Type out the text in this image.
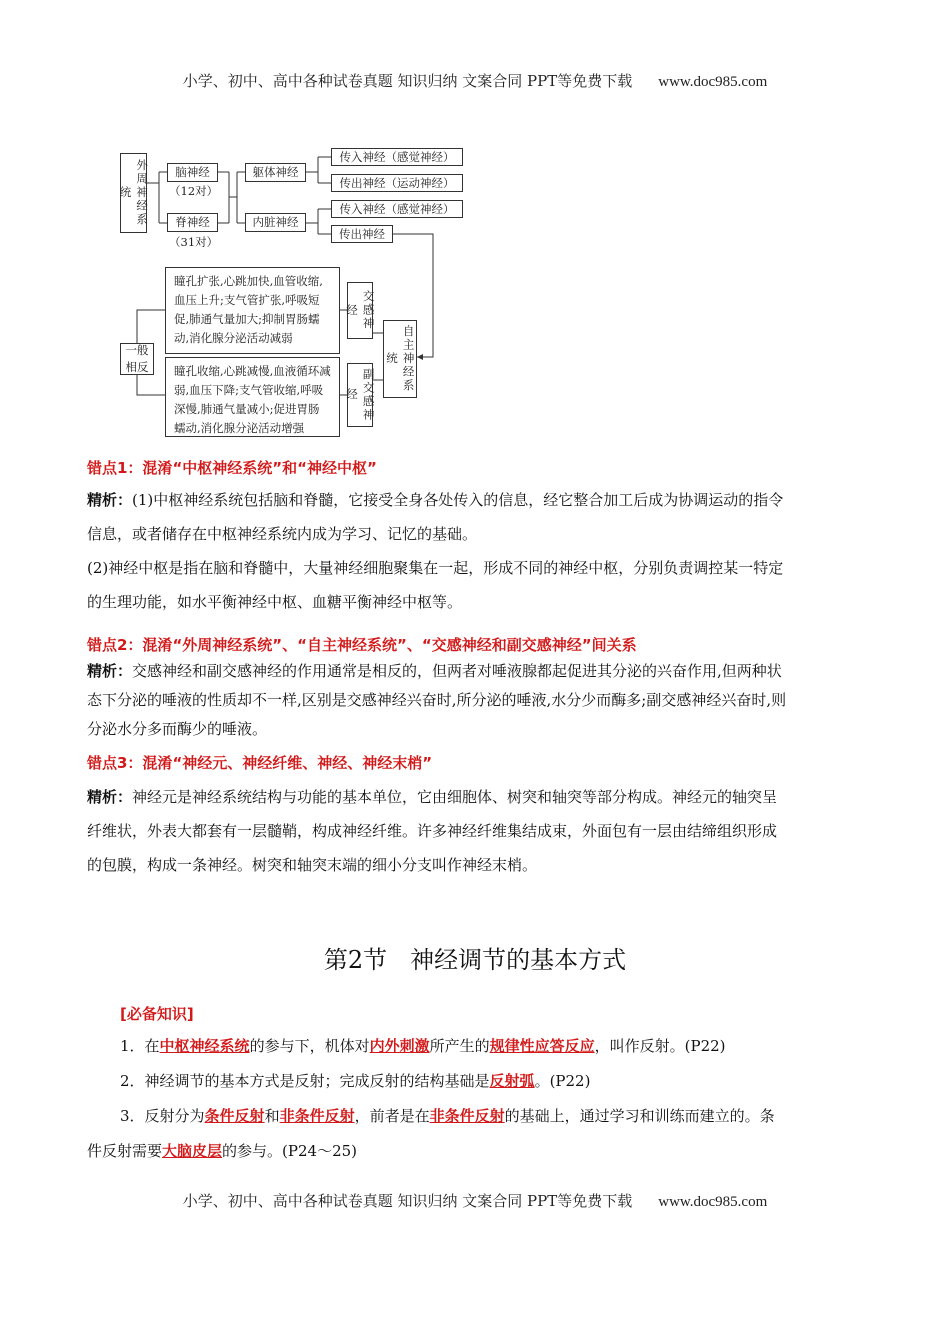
小学、初中、高中各种试卷真题 知识归纳 文案合同 PPT等免费下载 www.doc985.com
外周神经系统
脑神经
（12对）
脊神经
（31对）
躯体神经
内脏神经
传入神经（感觉神经）
传出神经（运动神经）
传入神经（感觉神经）
传出神经
自主神经系统
交感神经
副交感神经
瞳孔扩张,心跳加快,血管收缩,血压上升;支气管扩张,呼吸短促,肺通气量加大;抑制胃肠蠕动,消化腺分泌活动减弱
瞳孔收缩,心跳减慢,血液循环减弱,血压下降;支气管收缩,呼吸深慢,肺通气量减小;促进胃肠蠕动,消化腺分泌活动增强
一般相反
错点1：混淆“中枢神经系统”和“神经中枢”

精析：(1)中枢神经系统包括脑和脊髓，它接受全身各处传入的信息，经它整合加工后成为协调运动的指令

信息，或者储存在中枢神经系统内成为学习、记忆的基础。

(2)神经中枢是指在脑和脊髓中，大量神经细胞聚集在一起，形成不同的神经中枢，分别负责调控某一特定

的生理功能，如水平衡神经中枢、血糖平衡神经中枢等。

错点2：混淆“外周神经系统”、“自主神经系统”、“交感神经和副交感神经”间关系

精析：交感神经和副交感神经的作用通常是相反的，但两者对唾液腺都起促进其分泌的兴奋作用,但两种状

态下分泌的唾液的性质却不一样,区别是交感神经兴奋时,所分泌的唾液,水分少而酶多;副交感神经兴奋时,则

分泌水分多而酶少的唾液。

错点3：混淆“神经元、神经纤维、神经、神经末梢”

精析：神经元是神经系统结构与功能的基本单位，它由细胞体、树突和轴突等部分构成。神经元的轴突呈

纤维状，外表大都套有一层髓鞘，构成神经纤维。许多神经纤维集结成束，外面包有一层由结缔组织形成

的包膜，构成一条神经。树突和轴突末端的细小分支叫作神经末梢。

第2节 神经调节的基本方式
[必备知识]
1．在中枢神经系统的参与下，机体对内外刺激所产生的规律性应答反应，叫作反射。(P22)
2．神经调节的基本方式是反射；完成反射的结构基础是反射弧。(P22)
3．反射分为条件反射和非条件反射，前者是在非条件反射的基础上，通过学习和训练而建立的。条
件反射需要大脑皮层的参与。(P24～25)
小学、初中、高中各种试卷真题 知识归纳 文案合同 PPT等免费下载 www.doc985.com
